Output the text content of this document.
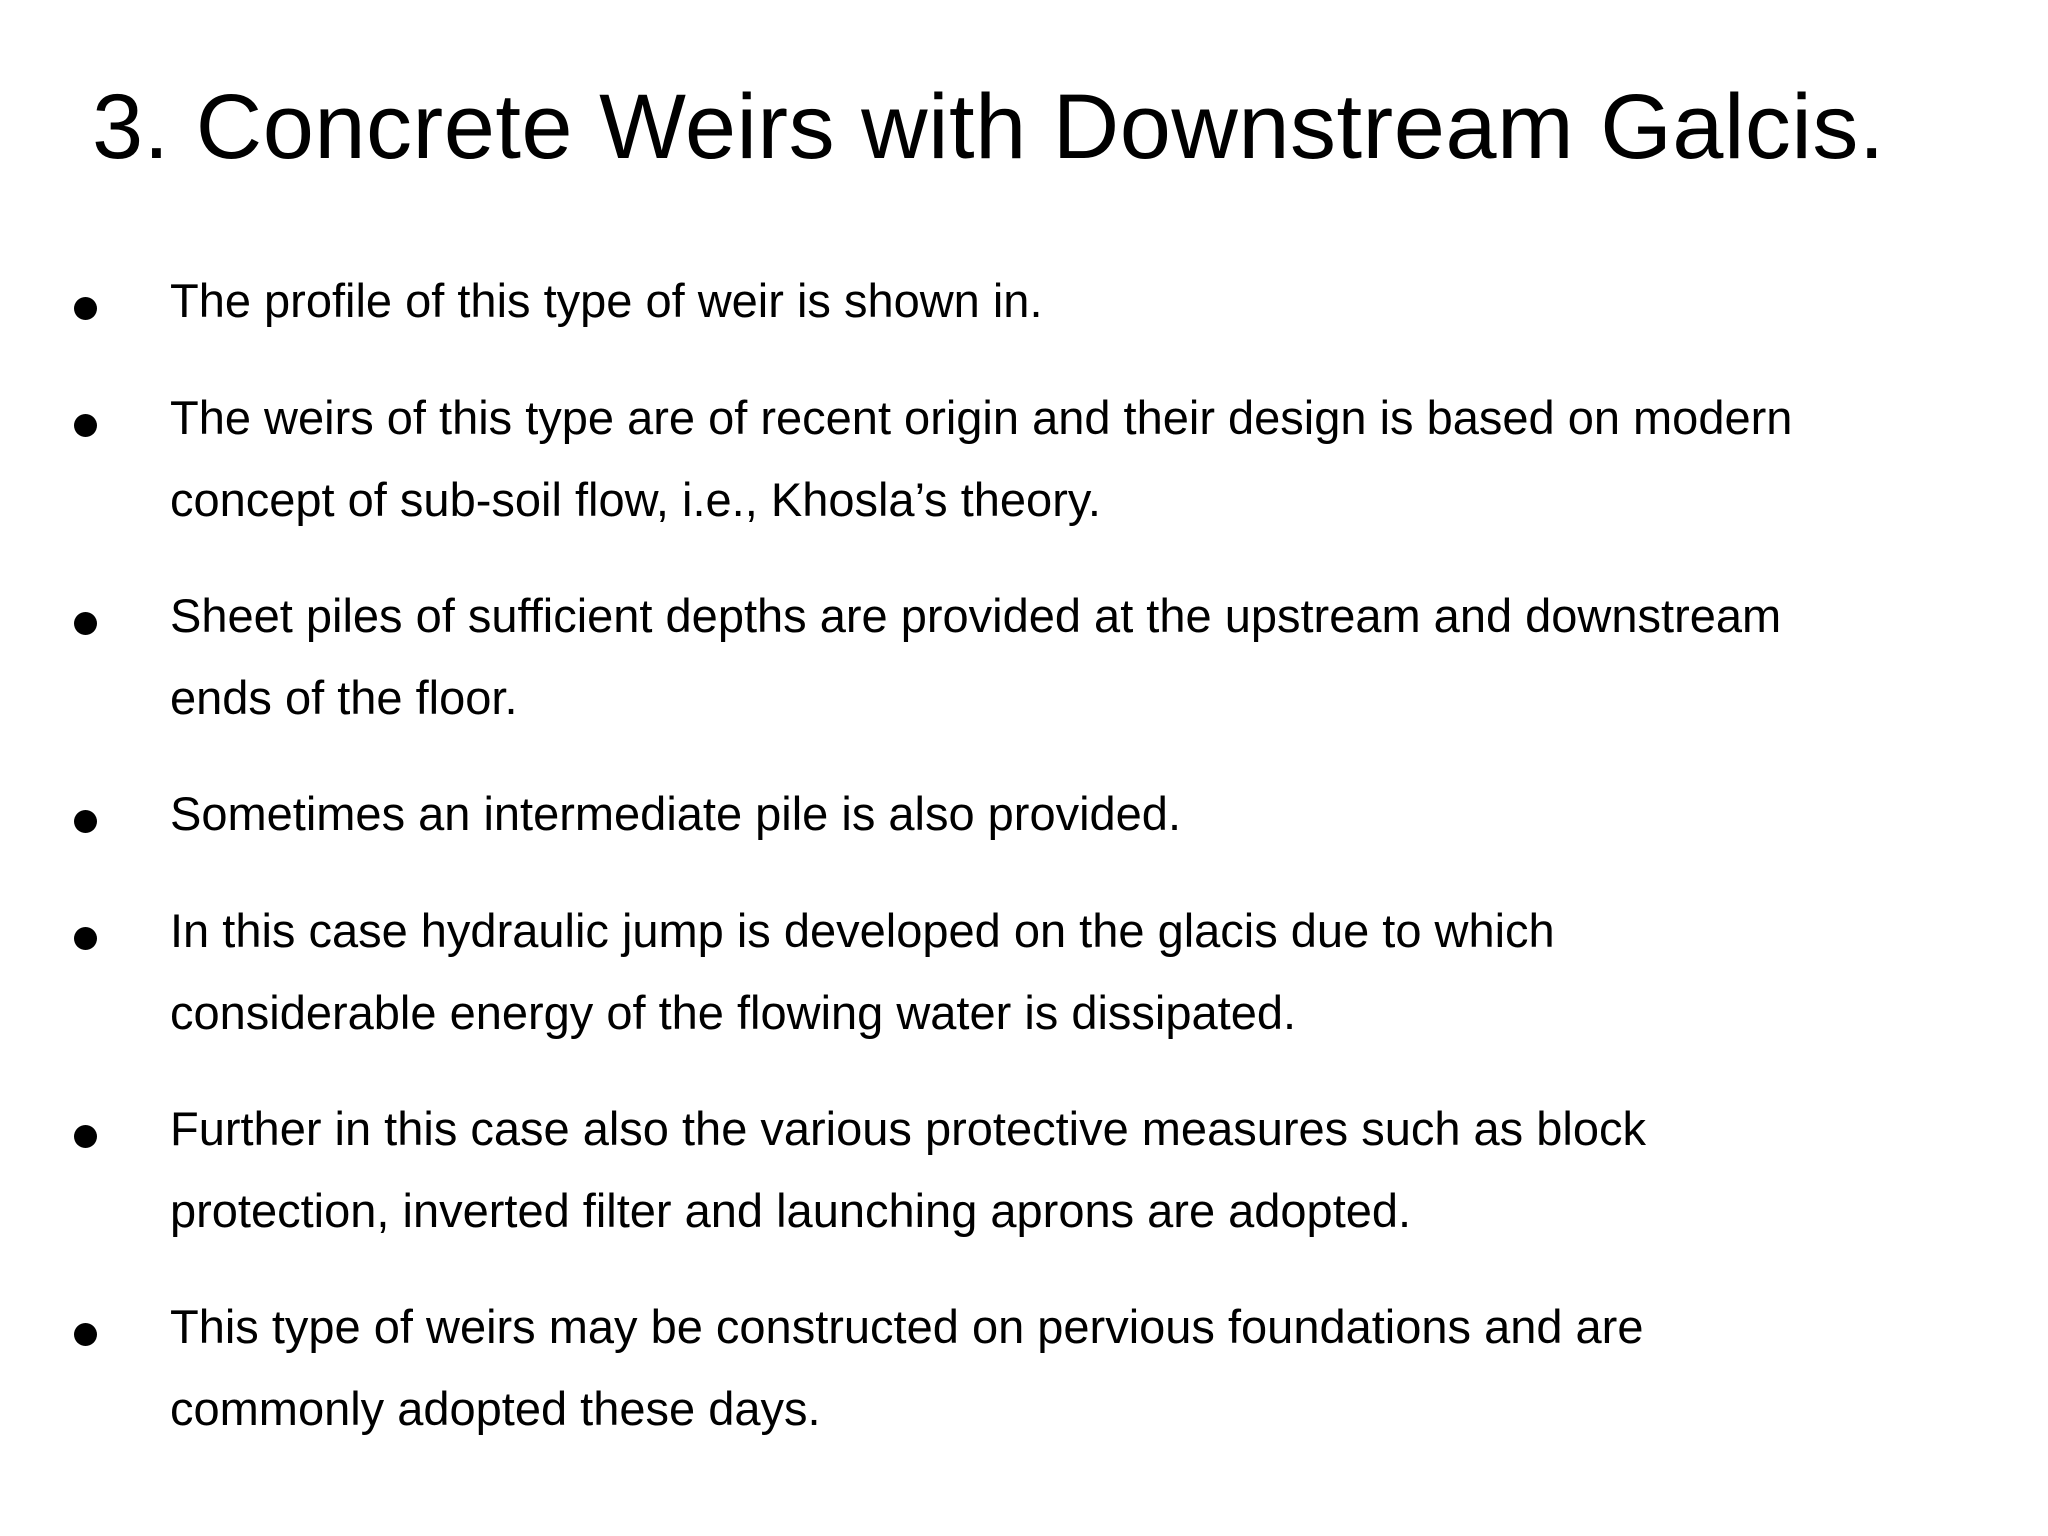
3. Concrete Weirs with Downstream Galcis.
The profile of this type of weir is shown in.
The weirs of this type are of recent origin and their design is based on modern
concept of sub-soil flow, i.e., Khosla’s theory.
Sheet piles of sufficient depths are provided at the upstream and downstream
ends of the floor.
Sometimes an intermediate pile is also provided.
In this case hydraulic jump is developed on the glacis due to which
considerable energy of the flowing water is dissipated.
Further in this case also the various protective measures such as block
protection, inverted filter and launching aprons are adopted.
This type of weirs may be constructed on pervious foundations and are
commonly adopted these days.
